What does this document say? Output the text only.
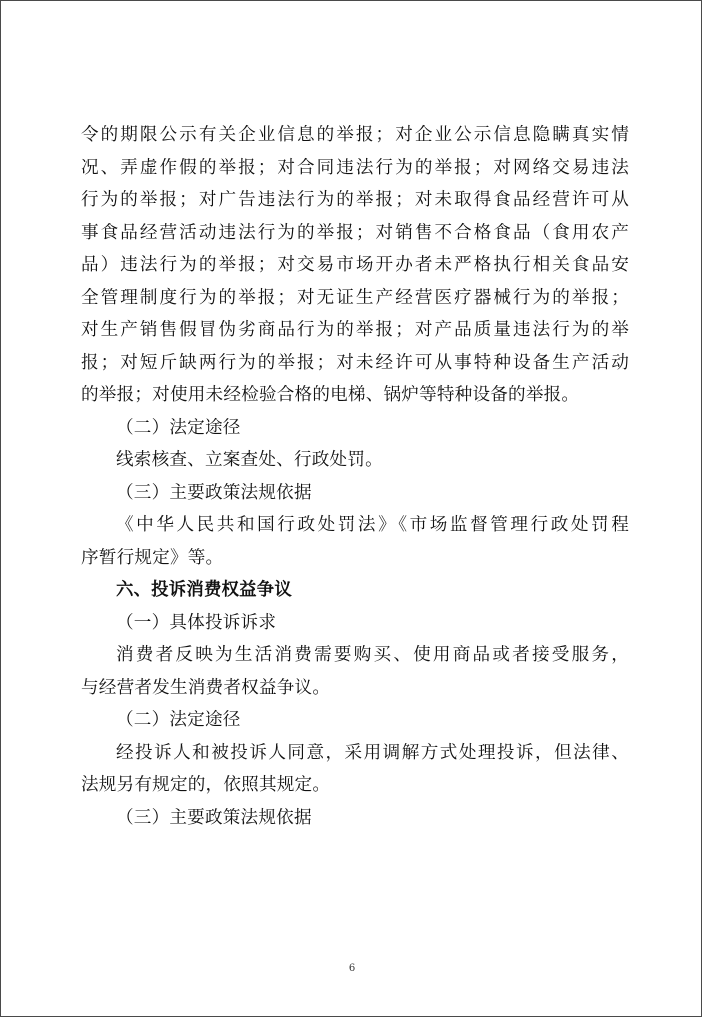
令的期限公示有关企业信息的举报；对企业公示信息隐瞒真实情
况、弄虚作假的举报；对合同违法行为的举报；对网络交易违法
行为的举报；对广告违法行为的举报；对未取得食品经营许可从
事食品经营活动违法行为的举报；对销售不合格食品（食用农产
品）违法行为的举报；对交易市场开办者未严格执行相关食品安
全管理制度行为的举报；对无证生产经营医疗器械行为的举报；
对生产销售假冒伪劣商品行为的举报；对产品质量违法行为的举
报；对短斤缺两行为的举报；对未经许可从事特种设备生产活动
的举报；对使用未经检验合格的电梯、锅炉等特种设备的举报。
（二）法定途径
线索核查、立案查处、行政处罚。
（三）主要政策法规依据
《中华人民共和国行政处罚法》《市场监督管理行政处罚程
序暂行规定》等。
六、投诉消费权益争议
（一）具体投诉诉求
消费者反映为生活消费需要购买、使用商品或者接受服务，
与经营者发生消费者权益争议。
（二）法定途径
经投诉人和被投诉人同意，采用调解方式处理投诉，但法律、
法规另有规定的，依照其规定。
（三）主要政策法规依据
6
